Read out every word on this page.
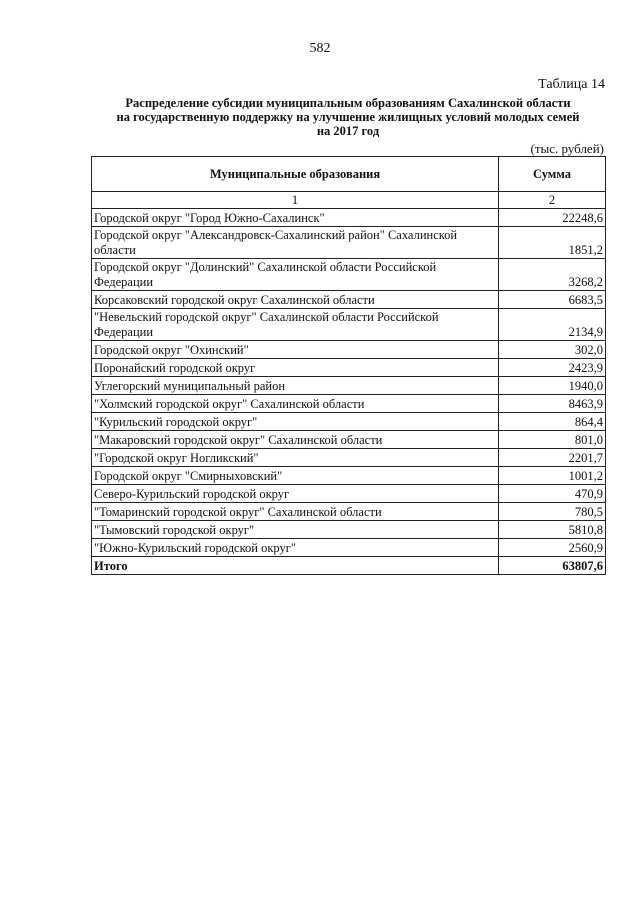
582
Таблица 14
Распределение субсидии муниципальным образованиям Сахалинской области
на государственную поддержку на улучшение жилищных условий молодых семей
на 2017 год
(тыс. рублей)
Муниципальные образования	Сумма
1	2
Городской округ "Город Южно-Сахалинск"	22248,6
Городской округ "Александровск-Сахалинский район" Сахалинской области	1851,2
Городской округ "Долинский" Сахалинской области Российской Федерации	3268,2
Корсаковский городской округ Сахалинской области	6683,5
"Невельский городской округ" Сахалинской области Российской Федерации	2134,9
Городской округ "Охинский"	302,0
Поронайский городской округ	2423,9
Углегорский муниципальный район	1940,0
"Холмский городской округ" Сахалинской области	8463,9
"Курильский городской округ"	864,4
"Макаровский городской округ" Сахалинской области	801,0
"Городской округ Ногликский"	2201,7
Городской округ "Смирныховский"	1001,2
Северо-Курильский городской округ	470,9
"Томаринский городской округ" Сахалинской области	780,5
"Тымовский городской округ"	5810,8
"Южно-Курильский городской округ"	2560,9
Итого	63807,6
